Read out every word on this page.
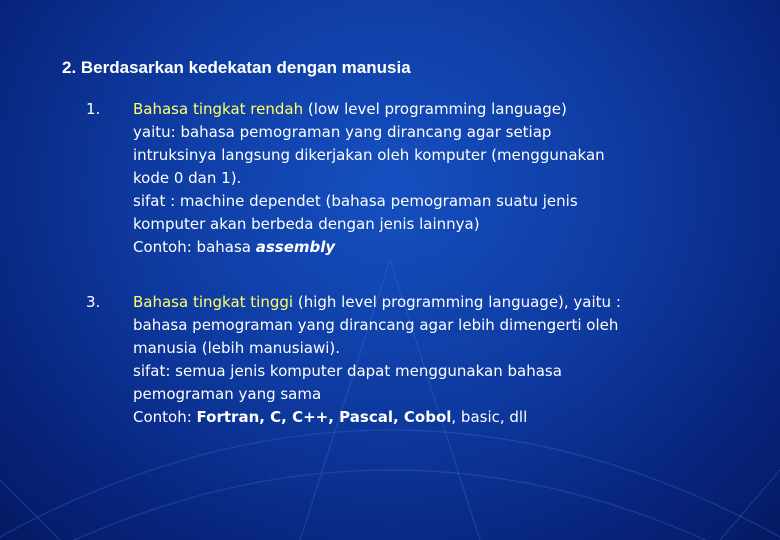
2. Berdasarkan kedekatan dengan manusia
1. Bahasa tingkat rendah (low level programming language)

yaitu: bahasa pemograman yang dirancang agar setiap

intruksinya langsung dikerjakan oleh komputer (menggunakan

kode 0 dan 1).

sifat : machine dependet (bahasa pemograman suatu jenis

komputer akan berbeda dengan jenis lainnya)

Contoh: bahasa assembly

3. Bahasa tingkat tinggi (high level programming language), yaitu :

bahasa pemograman yang dirancang agar lebih dimengerti oleh

manusia (lebih manusiawi).

sifat: semua jenis komputer dapat menggunakan bahasa

pemograman yang sama

Contoh: Fortran, C, C++, Pascal, Cobol, basic, dll
